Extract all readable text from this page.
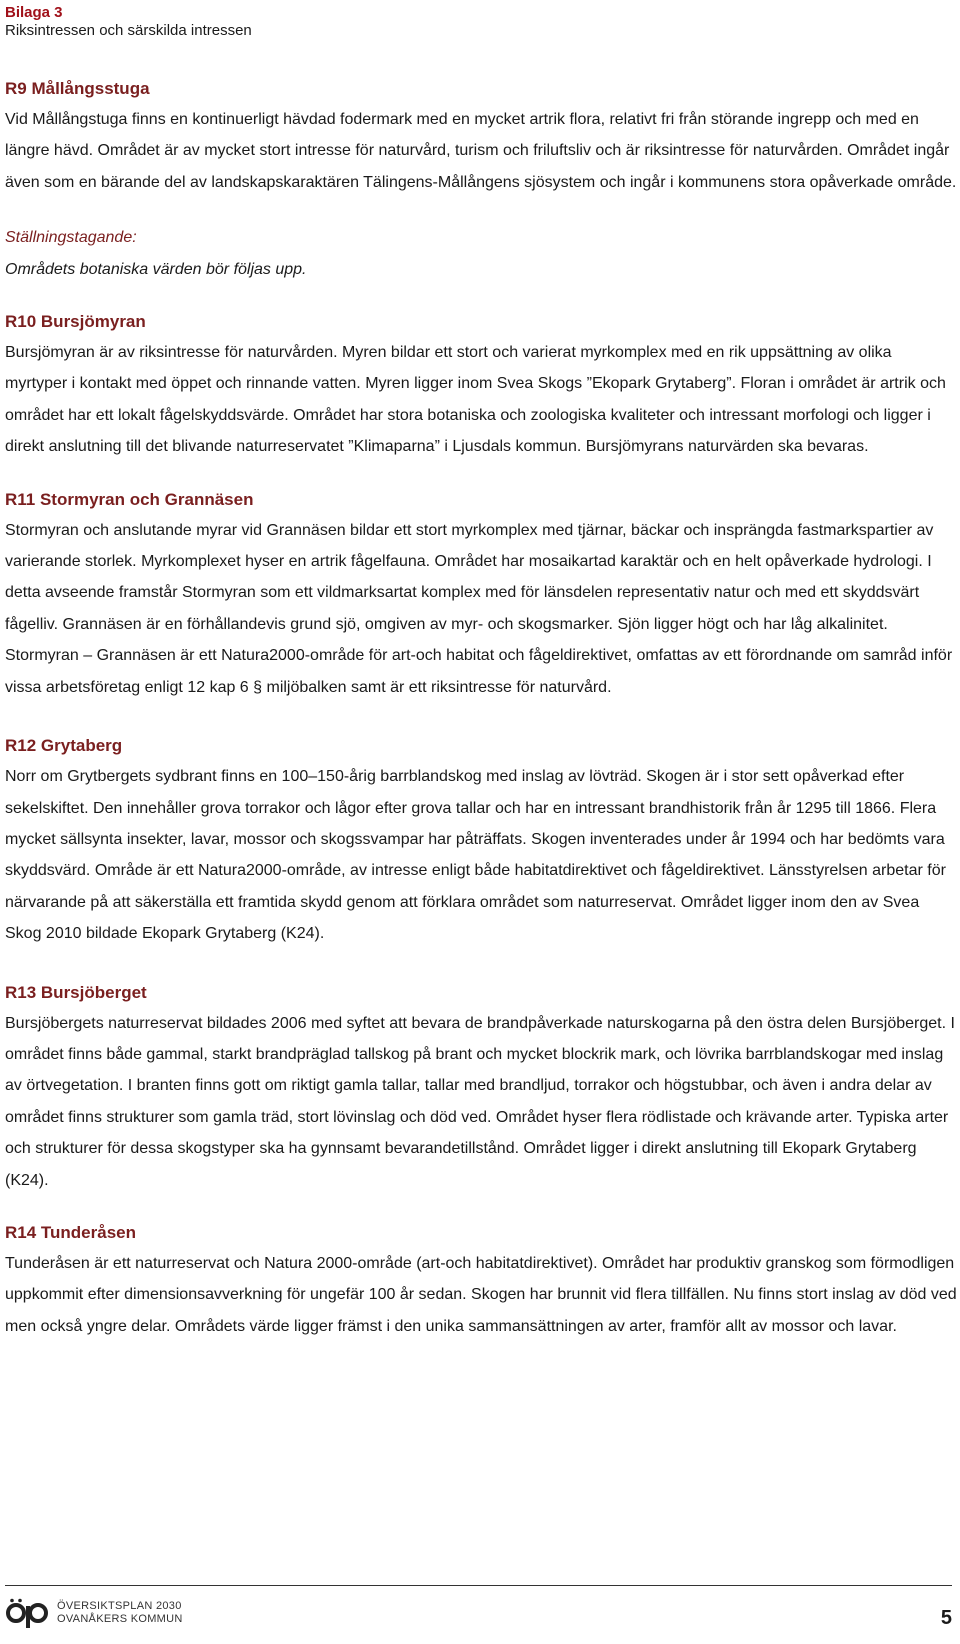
Bilaga 3
Riksintressen och särskilda intressen
R9 Mållångsstuga

Vid Mållångstuga finns en kontinuerligt hävdad fodermark med en mycket artrik flora, relativt fri från störande ingrepp och med en längre hävd. Området är av mycket stort intresse för naturvård, turism och friluftsliv och är riksintresse för naturvården. Området ingår även som en bärande del av landskapskaraktären Tälingens-Mållångens sjösystem och ingår i kommunens stora opåverkade område.

Ställningstagande:

Områdets botaniska värden bör följas upp.

R10 Bursjömyran

Bursjömyran är av riksintresse för naturvården. Myren bildar ett stort och varierat myrkomplex med en rik uppsättning av olika myrtyper i kontakt med öppet och rinnande vatten. Myren ligger inom Svea Skogs ”Ekopark Grytaberg”. Floran i området är artrik och området har ett lokalt fågelskyddsvärde. Området har stora botaniska och zoologiska kvaliteter och intressant morfologi och ligger i direkt anslutning till det blivande naturreservatet ”Klimaparna” i Ljusdals kommun. Bursjömyrans naturvärden ska bevaras.

R11 Stormyran och Grannäsen

Stormyran och anslutande myrar vid Grannäsen bildar ett stort myrkomplex med tjärnar, bäckar och insprängda fastmarkspartier av varierande storlek. Myrkomplexet hyser en artrik fågelfauna. Området har mosaikartad karaktär och en helt opåverkade hydrologi. I detta avseende framstår Stormyran som ett vildmarksartat komplex med för länsdelen representativ natur och med ett skyddsvärt fågelliv. Grannäsen är en förhållandevis grund sjö, omgiven av myr- och skogsmarker. Sjön ligger högt och har låg alkalinitet. Stormyran – Grannäsen är ett Natura2000-område för art-och habitat och fågeldirektivet, omfattas av ett förordnande om samråd inför vissa arbetsföretag enligt 12 kap 6 § miljöbalken samt är ett riksintresse för naturvård.

R12 Grytaberg

Norr om Grytbergets sydbrant finns en 100–150-årig barrblandskog med inslag av lövträd. Skogen är i stor sett opåverkad efter sekelskiftet. Den innehåller grova torrakor och lågor efter grova tallar och har en intressant brandhistorik från år 1295 till 1866. Flera mycket sällsynta insekter, lavar, mossor och skogssvampar har påträffats. Skogen inventerades under år 1994 och har bedömts vara skyddsvärd. Område är ett Natura2000-område, av intresse enligt både habitatdirektivet och fågeldirektivet. Länsstyrelsen arbetar för närvarande på att säkerställa ett framtida skydd genom att förklara området som naturreservat. Området ligger inom den av Svea Skog 2010 bildade Ekopark Grytaberg (K24).

R13 Bursjöberget

Bursjöbergets naturreservat bildades 2006 med syftet att bevara de brandpåverkade naturskogarna på den östra delen Bursjöberget. I området finns både gammal, starkt brandpräglad tallskog på brant och mycket blockrik mark, och lövrika barrblandskogar med inslag av örtvegetation. I branten finns gott om riktigt gamla tallar, tallar med brandljud, torrakor och högstubbar, och även i andra delar av området finns strukturer som gamla träd, stort lövinslag och död ved. Området hyser flera rödlistade och krävande arter. Typiska arter och strukturer för dessa skogstyper ska ha gynnsamt bevarandetillstånd. Området ligger i direkt anslutning till Ekopark Grytaberg (K24).

R14 Tunderåsen

Tunderåsen är ett naturreservat och Natura 2000-område (art-och habitatdirektivet). Området har produktiv granskog som förmodligen uppkommit efter dimensionsavverkning för ungefär 100 år sedan. Skogen har brunnit vid flera tillfällen. Nu finns stort inslag av död ved men också yngre delar. Områdets värde ligger främst i den unika sammansättningen av arter, framför allt av mossor och lavar.

ÖVERSIKTSPLAN 2030
OVANÅKERS KOMMUN	5
